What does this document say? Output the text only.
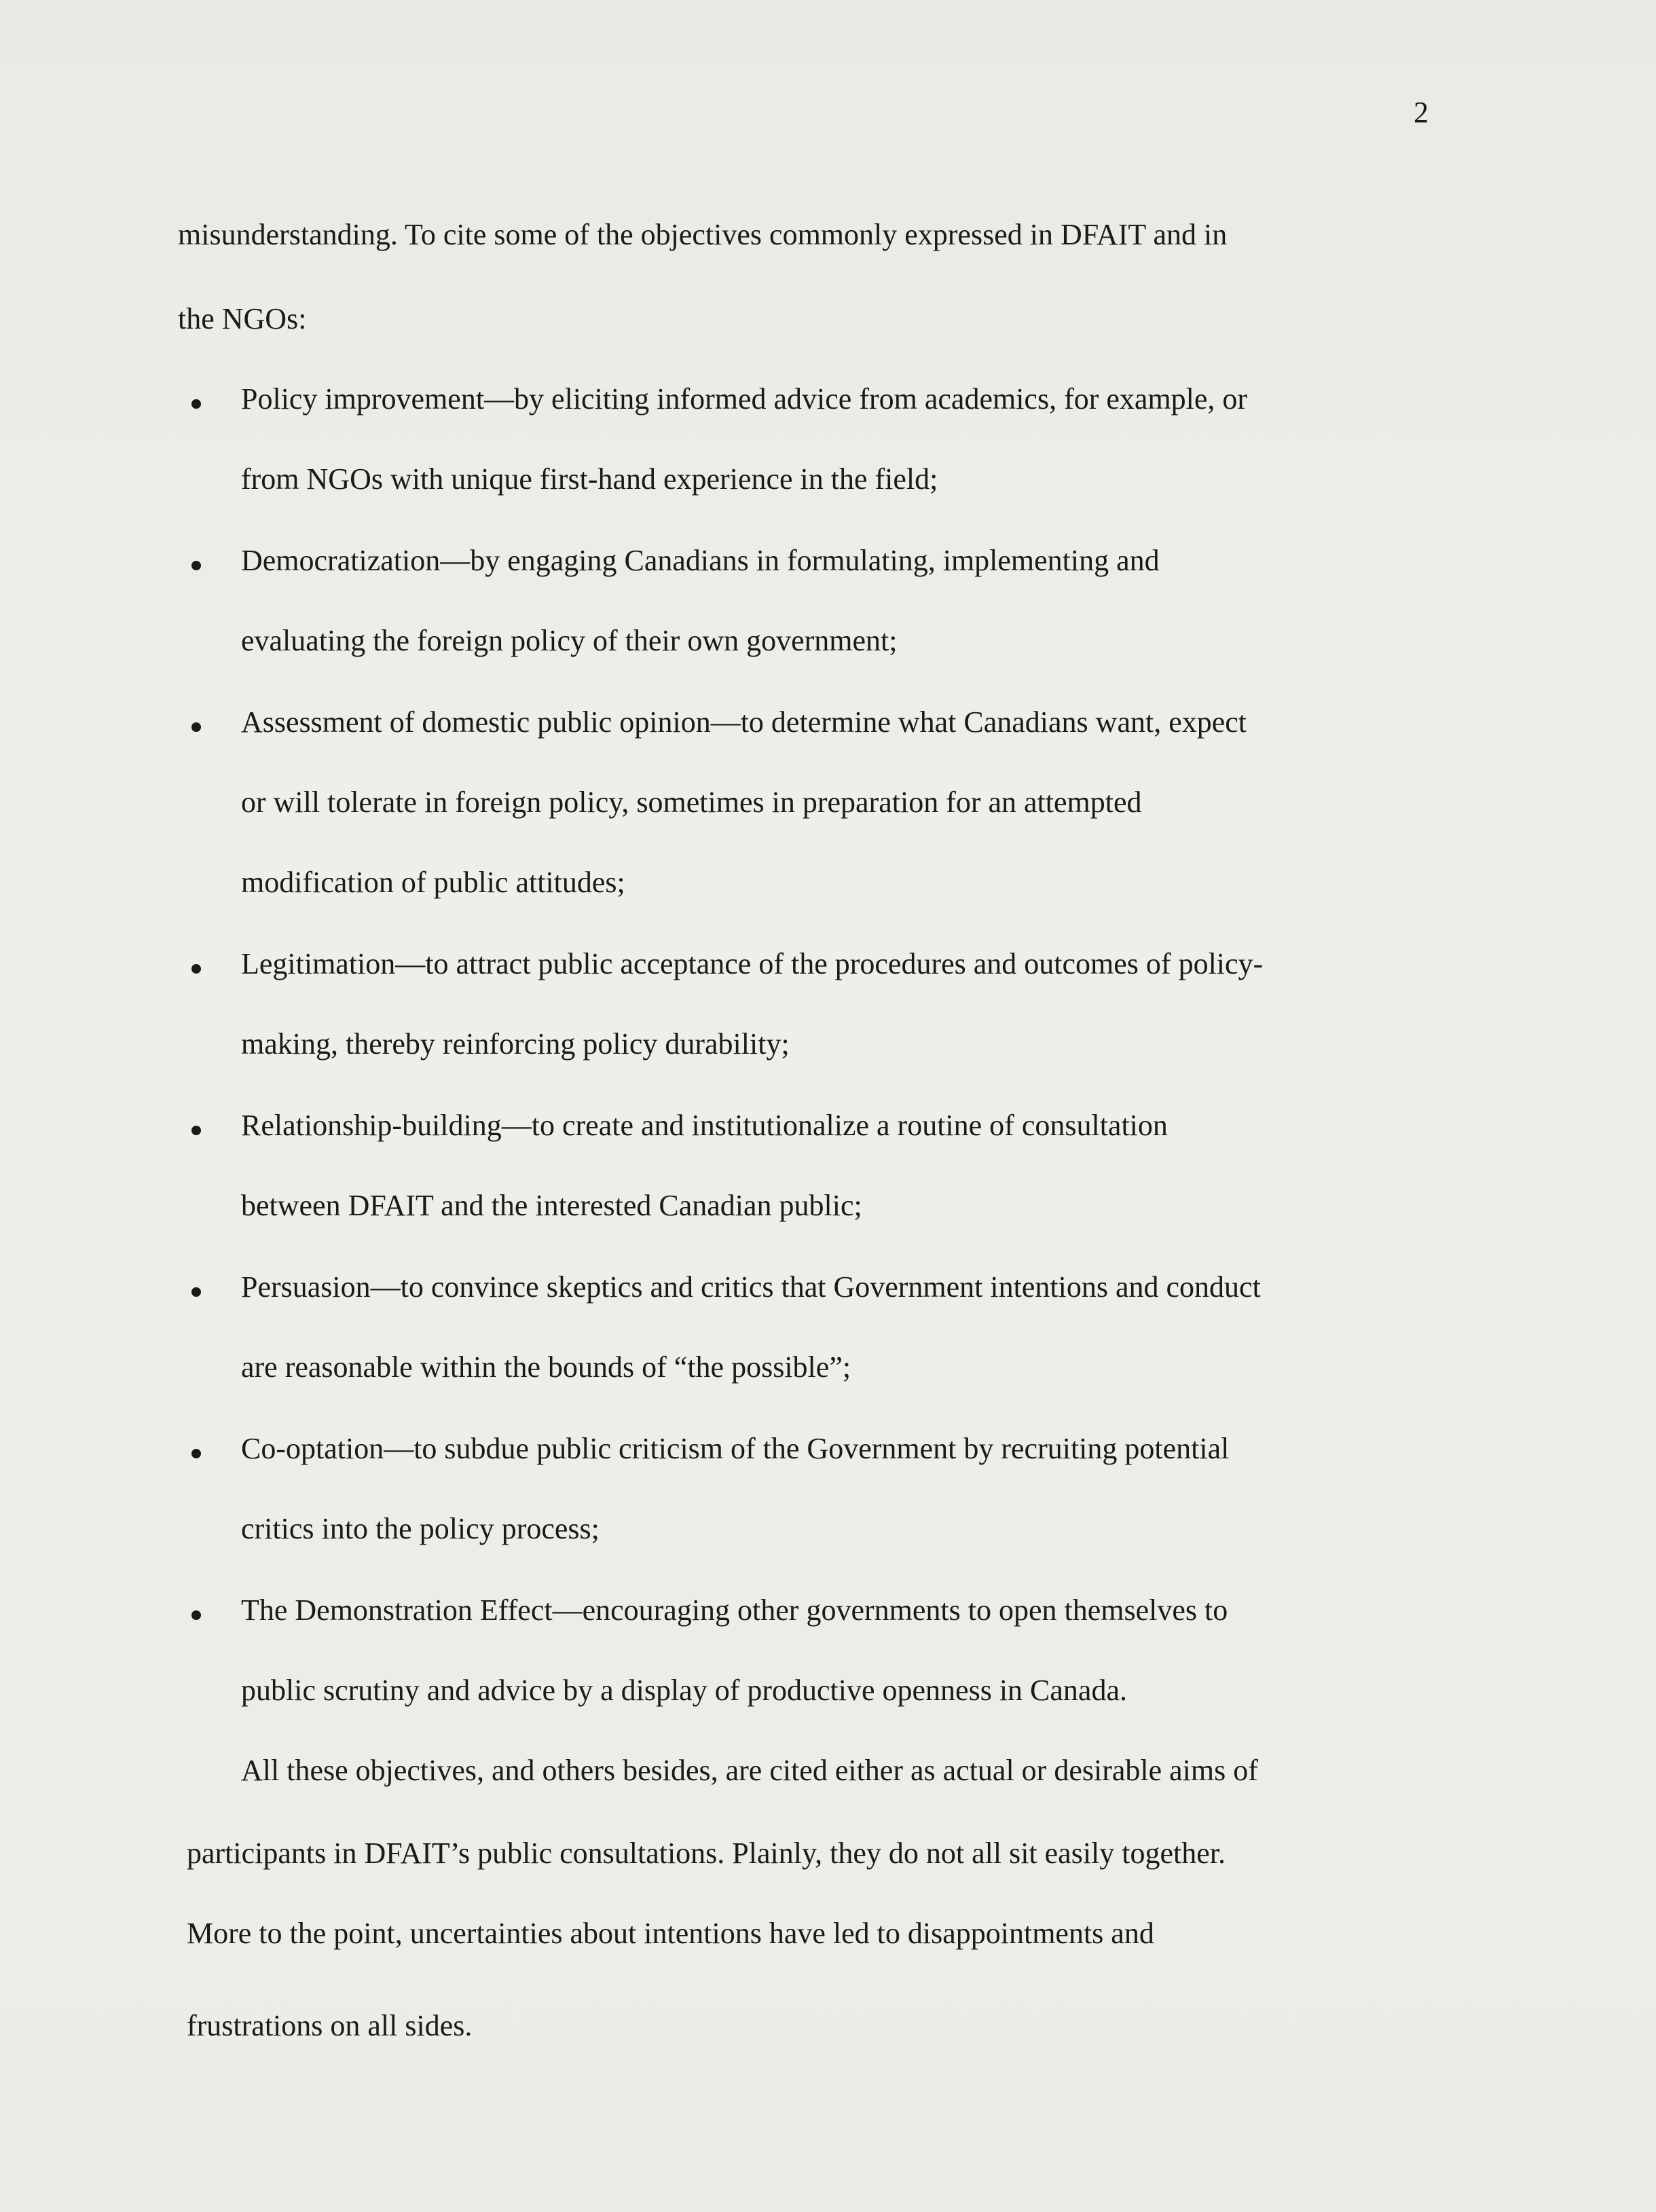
2
misunderstanding. To cite some of the objectives commonly expressed in DFAIT and in
the NGOs:
Policy improvement—by eliciting informed advice from academics, for example, or
from NGOs with unique first-hand experience in the field;
Democratization—by engaging Canadians in formulating, implementing and
evaluating the foreign policy of their own government;
Assessment of domestic public opinion—to determine what Canadians want, expect
or will tolerate in foreign policy, sometimes in preparation for an attempted
modification of public attitudes;
Legitimation—to attract public acceptance of the procedures and outcomes of policy-
making, thereby reinforcing policy durability;
Relationship-building—to create and institutionalize a routine of consultation
between DFAIT and the interested Canadian public;
Persuasion—to convince skeptics and critics that Government intentions and conduct
are reasonable within the bounds of “the possible”;
Co-optation—to subdue public criticism of the Government by recruiting potential
critics into the policy process;
The Demonstration Effect—encouraging other governments to open themselves to
public scrutiny and advice by a display of productive openness in Canada.
All these objectives, and others besides, are cited either as actual or desirable aims of
participants in DFAIT’s public consultations. Plainly, they do not all sit easily together.
More to the point, uncertainties about intentions have led to disappointments and
frustrations on all sides.
